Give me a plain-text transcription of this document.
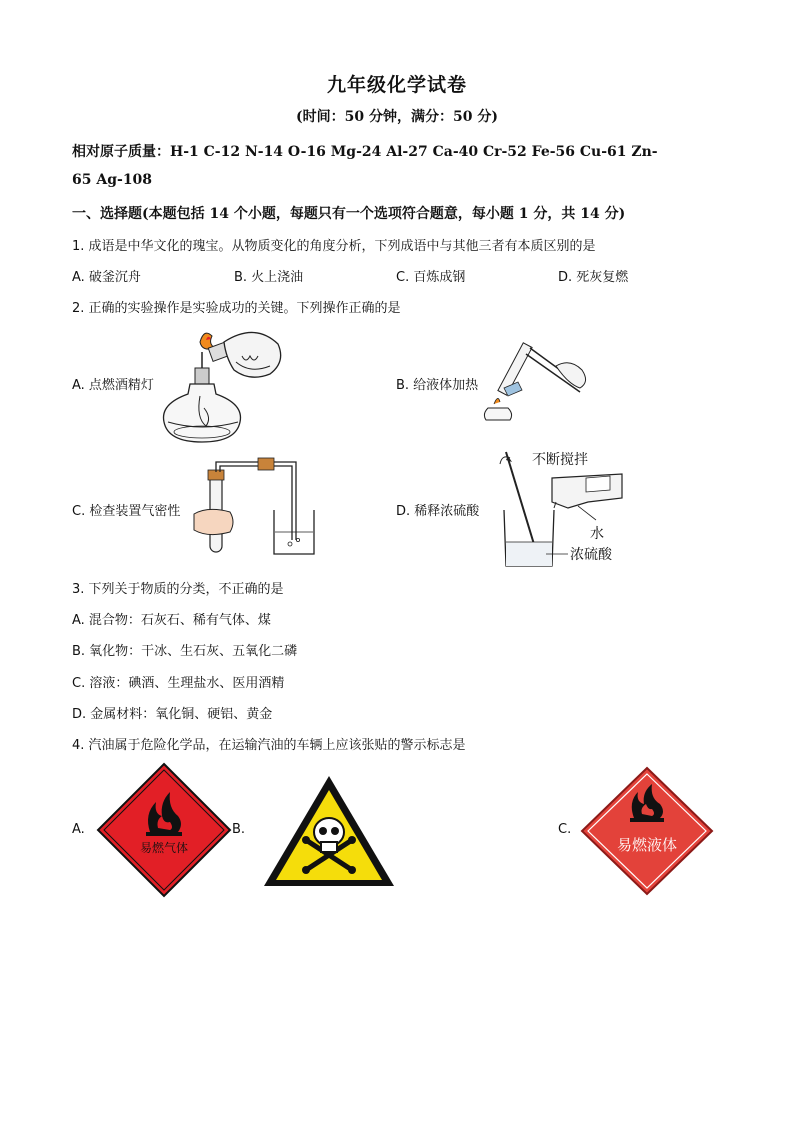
九年级化学试卷
(时间：50 分钟，满分：50 分)
相对原子质量：H-1 C-12 N-14 O-16 Mg-24 Al-27 Ca-40 Cr-52 Fe-56 Cu-61 Zn-
65 Ag-108
一、选择题(本题包括 14 个小题，每题只有一个选项符合题意，每小题 1 分，共 14 分)
1. 成语是中华文化的瑰宝。从物质变化的角度分析，下列成语中与其他三者有本质区别的是
A. 破釜沉舟	B. 火上浇油	C. 百炼成钢	D. 死灰复燃
2. 正确的实验操作是实验成功的关键。下列操作正确的是
A. 点燃酒精灯	B. 给液体加热
C. 检查装置气密性	D. 稀释浓硫酸
不断搅拌
水
浓硫酸
3. 下列关于物质的分类，不正确的是
A. 混合物：石灰石、稀有气体、煤
B. 氧化物：干冰、生石灰、五氧化二磷
C. 溶液：碘酒、生理盐水、医用酒精
D. 金属材料：氧化铜、硬铝、黄金
4. 汽油属于危险化学品，在运输汽油的车辆上应该张贴的警示标志是
A.	B.	C.
易燃气体	易燃液体
